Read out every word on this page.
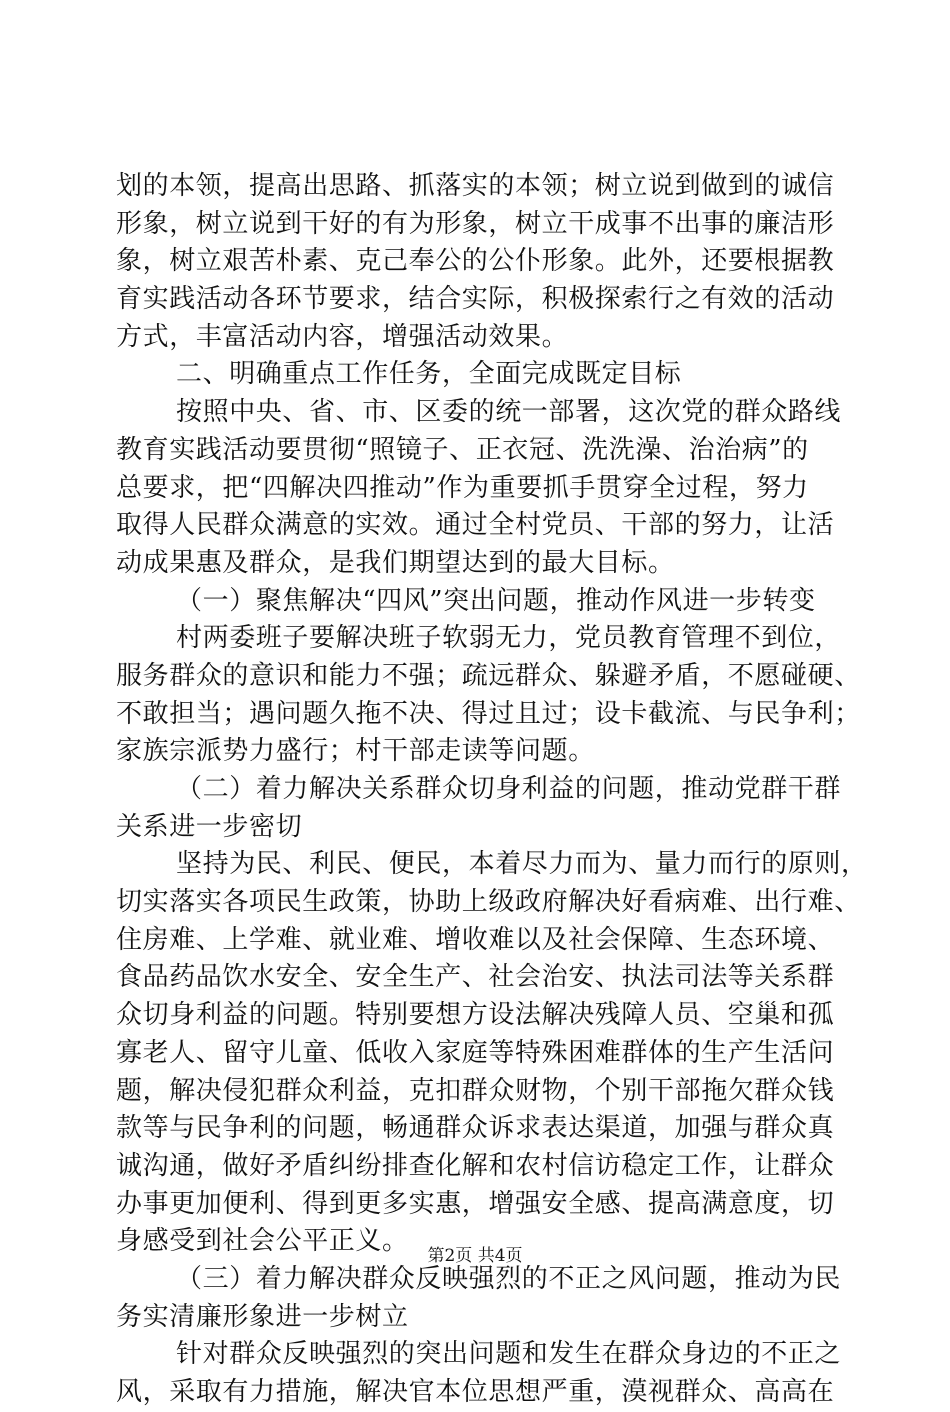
划的本领，提高出思路、抓落实的本领；树立说到做到的诚信
形象，树立说到干好的有为形象，树立干成事不出事的廉洁形
象，树立艰苦朴素、克己奉公的公仆形象。此外，还要根据教
育实践活动各环节要求，结合实际，积极探索行之有效的活动
方式，丰富活动内容，增强活动效果。
二、明确重点工作任务，全面完成既定目标
按照中央、省、市、区委的统一部署，这次党的群众路线
教育实践活动要贯彻“照镜子、正衣冠、洗洗澡、治治病”的
总要求，把“四解决四推动”作为重要抓手贯穿全过程，努力
取得人民群众满意的实效。通过全村党员、干部的努力，让活
动成果惠及群众，是我们期望达到的最大目标。
（一）聚焦解决“四风”突出问题，推动作风进一步转变
村两委班子要解决班子软弱无力，党员教育管理不到位，
服务群众的意识和能力不强；疏远群众、躲避矛盾，不愿碰硬、
不敢担当；遇问题久拖不决、得过且过；设卡截流、与民争利；
家族宗派势力盛行；村干部走读等问题。
（二）着力解决关系群众切身利益的问题，推动党群干群
关系进一步密切
坚持为民、利民、便民，本着尽力而为、量力而行的原则，
切实落实各项民生政策，协助上级政府解决好看病难、出行难、
住房难、上学难、就业难、增收难以及社会保障、生态环境、
食品药品饮水安全、安全生产、社会治安、执法司法等关系群
众切身利益的问题。特别要想方设法解决残障人员、空巢和孤
寡老人、留守儿童、低收入家庭等特殊困难群体的生产生活问
题，解决侵犯群众利益，克扣群众财物，个别干部拖欠群众钱
款等与民争利的问题，畅通群众诉求表达渠道，加强与群众真
诚沟通，做好矛盾纠纷排查化解和农村信访稳定工作，让群众
办事更加便利、得到更多实惠，增强安全感、提高满意度，切
身感受到社会公平正义。
（三）着力解决群众反映强烈的不正之风问题，推动为民
务实清廉形象进一步树立
针对群众反映强烈的突出问题和发生在群众身边的不正之
风，采取有力措施，解决官本位思想严重，漠视群众、高高在
第2页 共4页
